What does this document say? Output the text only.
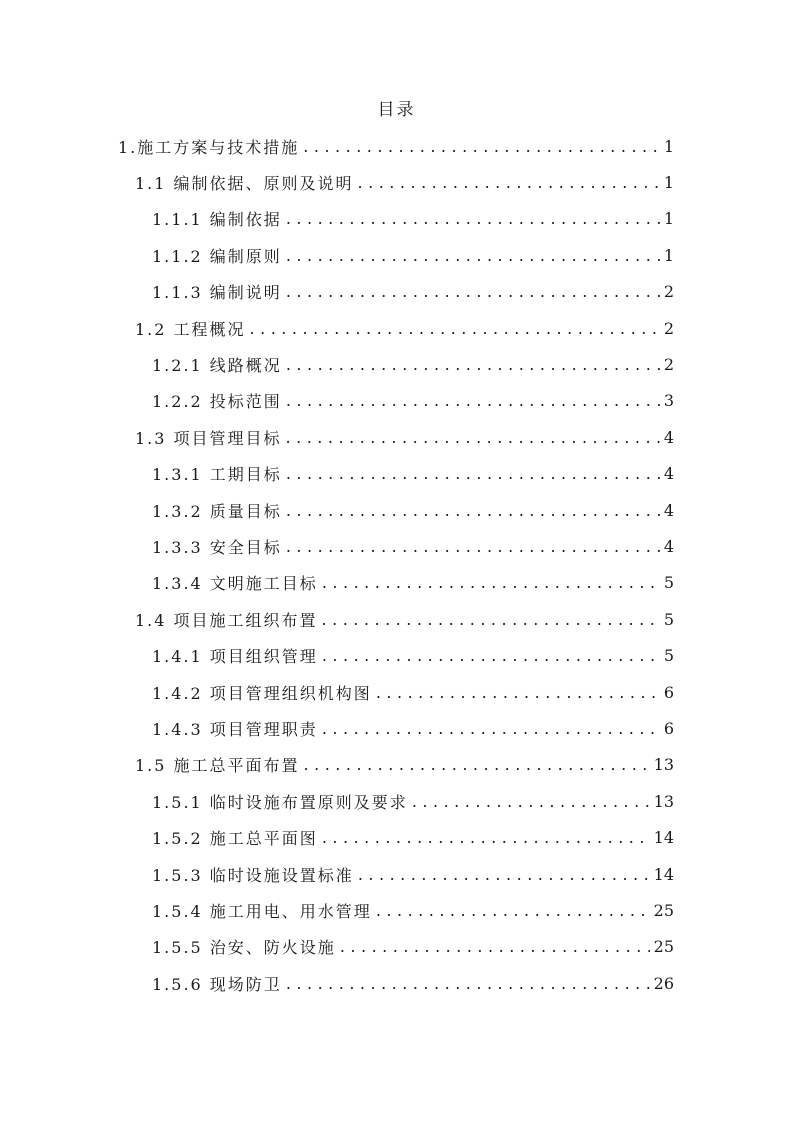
目录
1.施工方案与技术措施 .....	1
1.1 编制依据、原则及说明 .....	1
1.1.1 编制依据 .....	1
1.1.2 编制原则 .....	1
1.1.3 编制说明 .....	2
1.2 工程概况 .....	2
1.2.1 线路概况 .....	2
1.2.2 投标范围 .....	3
1.3 项目管理目标 .....	4
1.3.1 工期目标 .....	4
1.3.2 质量目标 .....	4
1.3.3 安全目标 .....	4
1.3.4 文明施工目标 .....	5
1.4 项目施工组织布置 .....	5
1.4.1 项目组织管理 .....	5
1.4.2 项目管理组织机构图 .....	6
1.4.3 项目管理职责 .....	6
1.5 施工总平面布置 .....	13
1.5.1 临时设施布置原则及要求 .....	13
1.5.2 施工总平面图 .....	14
1.5.3 临时设施设置标准 .....	14
1.5.4 施工用电、用水管理 .....	25
1.5.5 治安、防火设施 .....	25
1.5.6 现场防卫 .....	26
